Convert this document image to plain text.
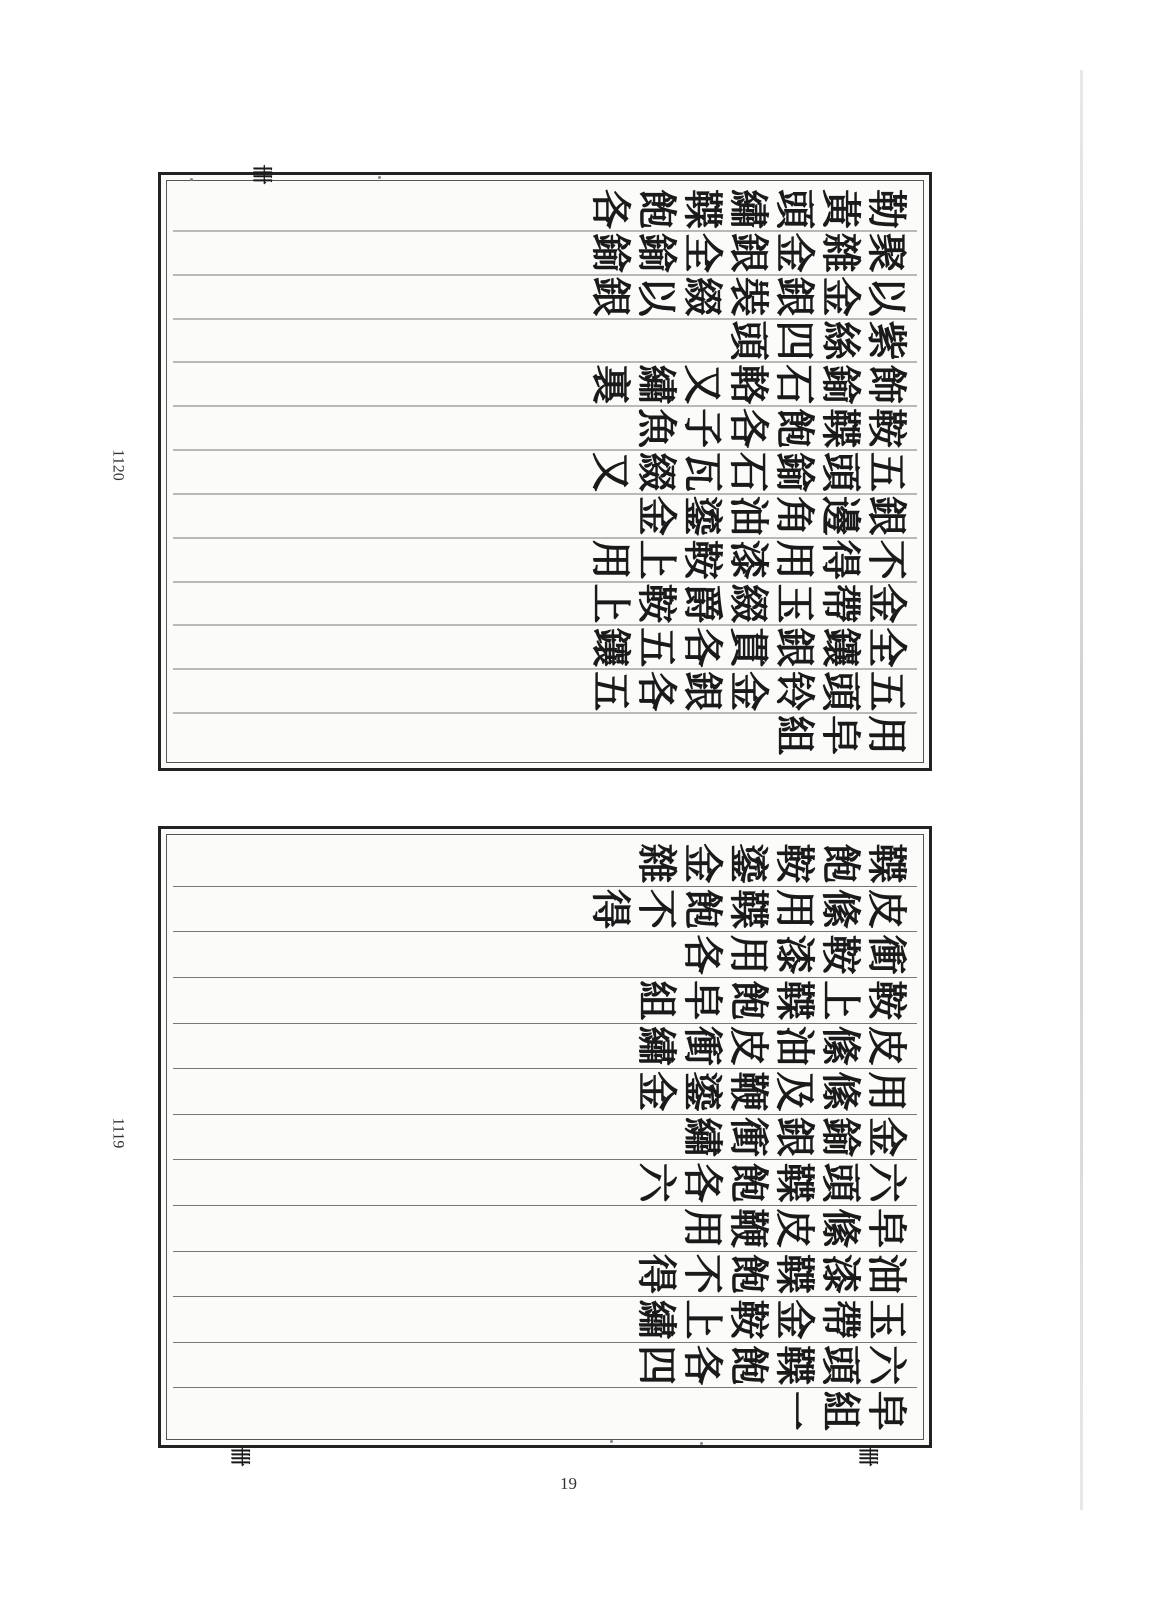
用
皁
組
五
頭
铃
金
銀
各
五
全
鑲
銀
貫
各
五
鑲
金
帶
玉
綴
爵
鞍
上
不
得
用
漆
鞍
上
用
銀
邊
角
油
鎏
金
五
頭
鍮
石
瓦
綴
又
鞍
鞢
飽
各
子
魚
飾
鍮
石
輅
又
繡
裏
紫
絲
四
頭
以
金
銀
裝
綴
以
銀
聚
雜
金
銀
全
鍮
鍮
勒
黃
頭
繡
鞢
飽
各
皁
組
一
六
頭
鞢
飽
各
四
玉
帶
金
鞍
上
繡
油
漆
鞢
飽
不
得
皁
絛
皮
鞭
用
六
頭
鞢
飽
各
六
金
鍮
銀
衝
繡
用
絛
及
鞭
鎏
金
皮
絛
油
皮
衝
繡
鞍
上
鞢
飽
皁
組
衝
鞍
漆
用
各
皮
絛
用
鞢
飽
不
得
鞢
飽
鞍
鎏
金
雜
卌
卌	卌
1120
1119
19
